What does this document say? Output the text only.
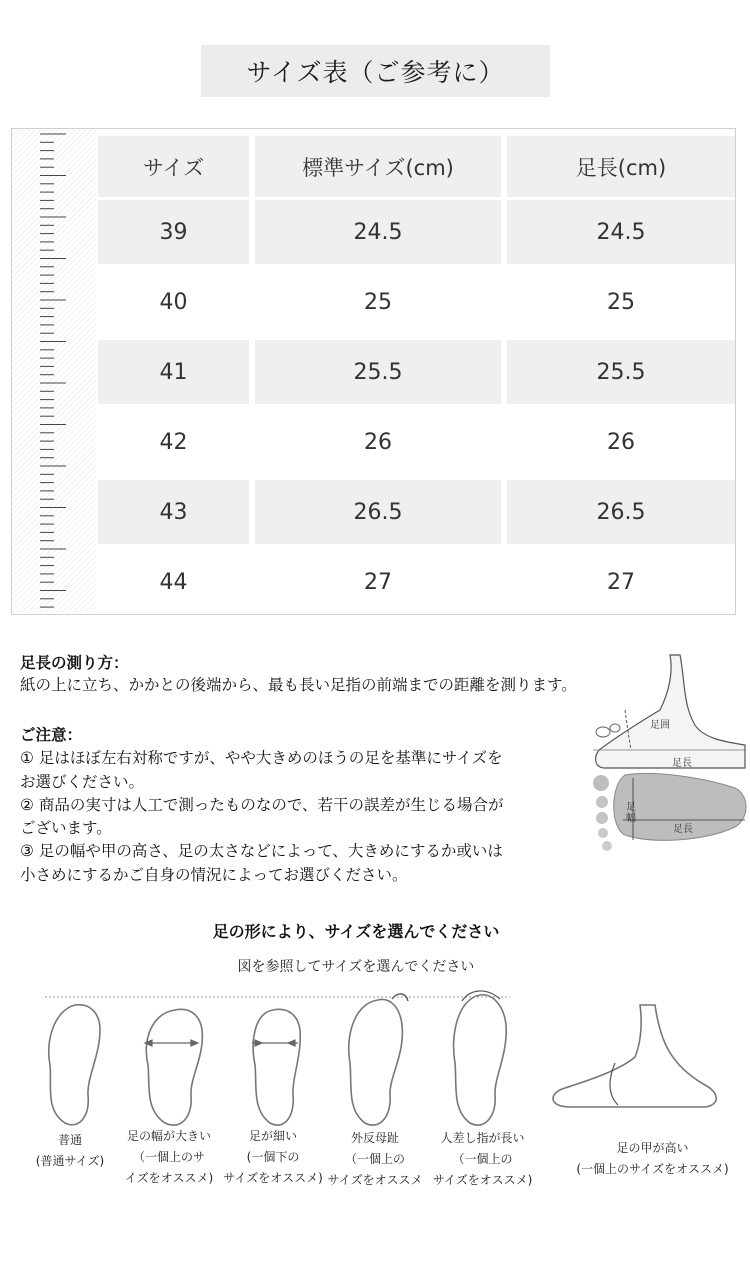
サイズ表（ご参考に）
サイズ	標準サイズ(cm)	足長(cm)
39	24.5	24.5
40	25	25
41	25.5	25.5
42	26	26
43	26.5	26.5
44	27	27
足長の測り方：
紙の上に立ち、かかとの後端から、最も長い足指の前端までの距離を測ります。
ご注意：
① 足はほぼ左右対称ですが、やや大きめのほうの足を基準にサイズを
お選びください。
② 商品の実寸は人工で測ったものなので、若干の誤差が生じる場合が
ございます。
③ 足の幅や甲の高さ、足の太さなどによって、大きめにするか或いは
小さめにするかご自身の情況によってお選びください。
足囲
足長
足幅
足長
足の形により、サイズを選んでください
図を参照してサイズを選んでください
普通
(普通サイズ)
足の幅が大きい
（一個上のサ
イズをオススメ)
足が細い
(一個下の
サイズをオススメ)
外反母趾
（一個上の
サイズをオススメ
人差し指が長い
（一個上の
サイズをオススメ)
足の甲が高い
(一個上のサイズをオススメ)
